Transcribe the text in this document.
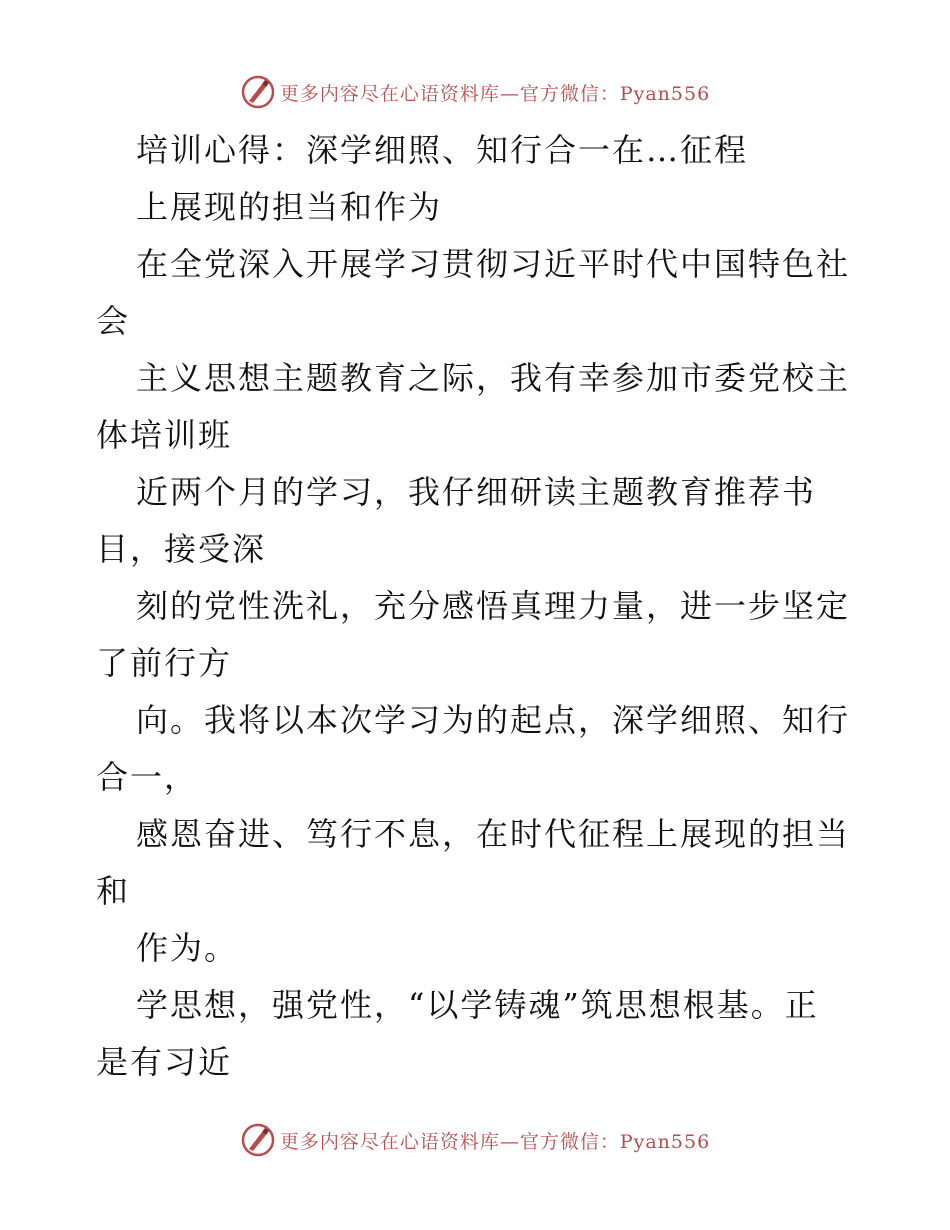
更多内容尽在心语资料库—官方微信：Pyan556
培训心得：深学细照、知行合一在…征程
上展现的担当和作为
在全党深入开展学习贯彻习近平时代中国特色社
会
主义思想主题教育之际，我有幸参加市委党校主
体培训班
近两个月的学习，我仔细研读主题教育推荐书
目，接受深
刻的党性洗礼，充分感悟真理力量，进一步坚定
了前行方
向。我将以本次学习为的起点，深学细照、知行
合一，
感恩奋进、笃行不息，在时代征程上展现的担当
和
作为。
学思想，强党性，“以学铸魂”筑思想根基。正
是有习近
更多内容尽在心语资料库—官方微信：Pyan556
